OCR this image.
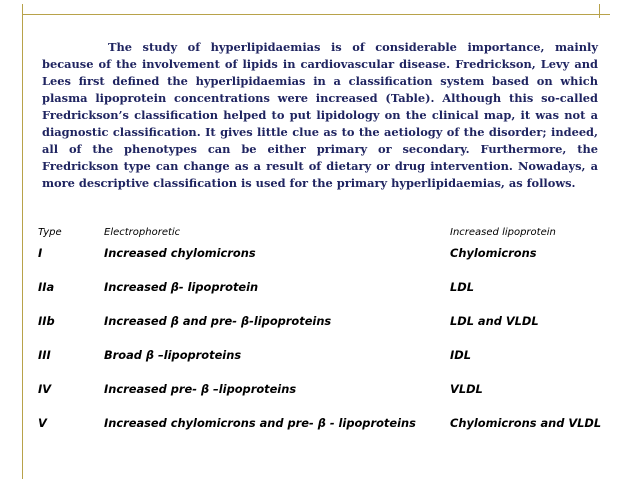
The study of hyperlipidaemias is of considerable importance, mainly because of the involvement of lipids in cardiovascular disease. Fredrickson, Levy and Lees first defined the hyperlipidaemias in a classification system based on which plasma lipoprotein concentrations were increased (Table). Although this so-called Fredrickson’s classification helped to put lipidology on the clinical map, it was not a diagnostic classification. It gives little clue as to the aetiology of the disorder; indeed, all of the phenotypes can be either primary or secondary. Furthermore, the Fredrickson type can change as a result of dietary or drug intervention. Nowadays, a more descriptive classification is used for the primary hyperlipidaemias, as follows.

Type	Electrophoretic	Increased lipoprotein
I	Increased chylomicrons	Chylomicrons
IIa	Increased β- lipoprotein	LDL
IIb	Increased β and pre- β-lipoproteins	LDL and VLDL
III	Broad β –lipoproteins	IDL
IV	Increased pre- β –lipoproteins	VLDL
V	Increased chylomicrons and pre- β - lipoproteins	Chylomicrons and VLDL
